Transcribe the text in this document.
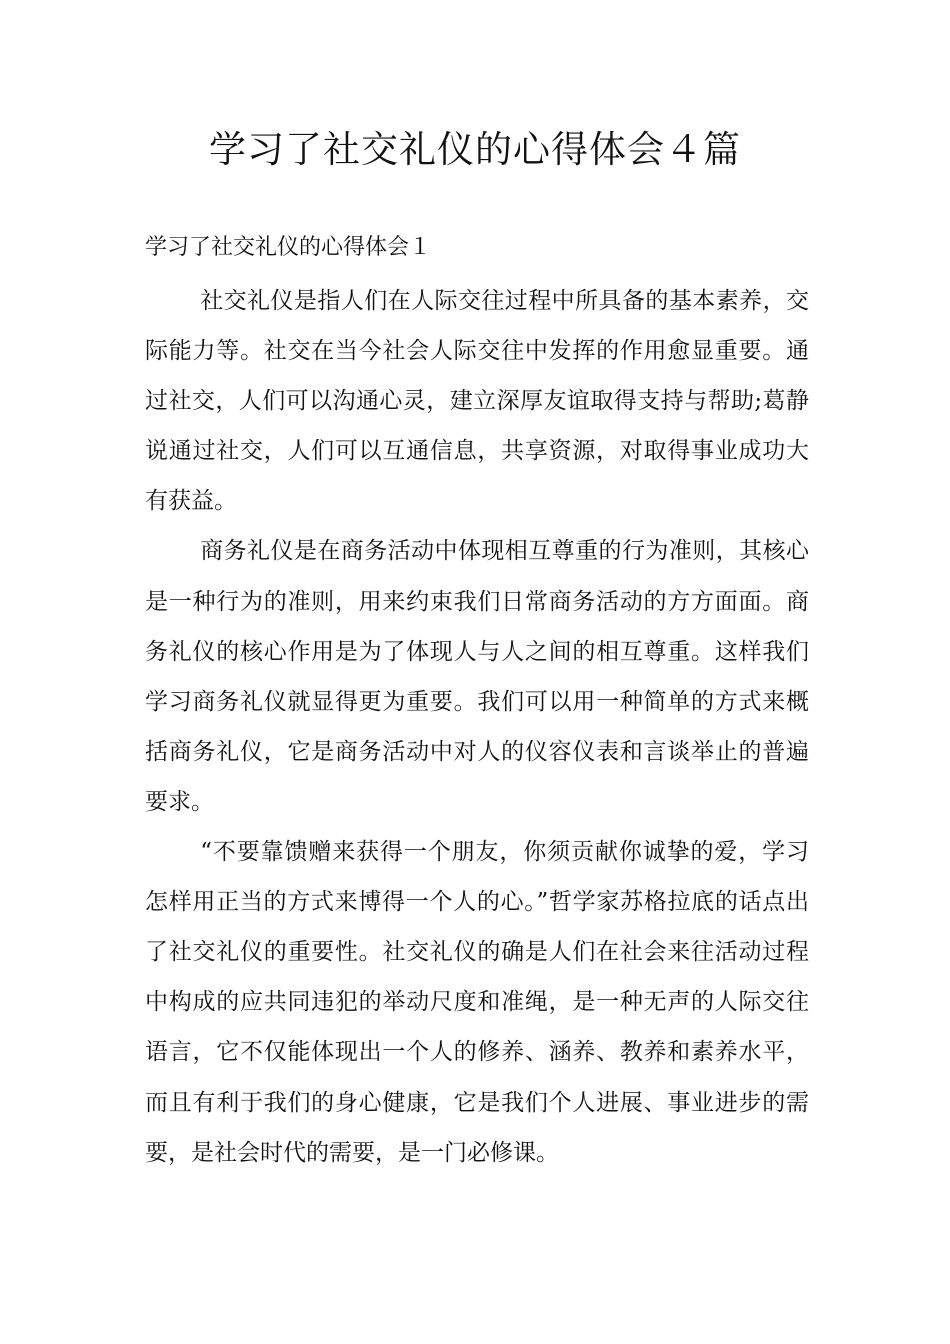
学习了社交礼仪的心得体会４篇
学习了社交礼仪的心得体会１

社交礼仪是指人们在人际交往过程中所具备的基本素养，交际能力等。社交在当今社会人际交往中发挥的作用愈显重要。通过社交，人们可以沟通心灵，建立深厚友谊取得支持与帮助;葛静说通过社交，人们可以互通信息，共享资源，对取得事业成功大有获益。

商务礼仪是在商务活动中体现相互尊重的行为准则，其核心是一种行为的准则，用来约束我们日常商务活动的方方面面。商务礼仪的核心作用是为了体现人与人之间的相互尊重。这样我们学习商务礼仪就显得更为重要。我们可以用一种简单的方式来概括商务礼仪，它是商务活动中对人的仪容仪表和言谈举止的普遍要求。

“不要靠馈赠来获得一个朋友，你须贡献你诚挚的爱，学习怎样用正当的方式来博得一个人的心。”哲学家苏格拉底的话点出了社交礼仪的重要性。社交礼仪的确是人们在社会来往活动过程中构成的应共同违犯的举动尺度和准绳，是一种无声的人际交往语言，它不仅能体现出一个人的修养、涵养、教养和素养水平，而且有利于我们的身心健康，它是我们个人进展、事业进步的需要，是社会时代的需要，是一门必修课。
